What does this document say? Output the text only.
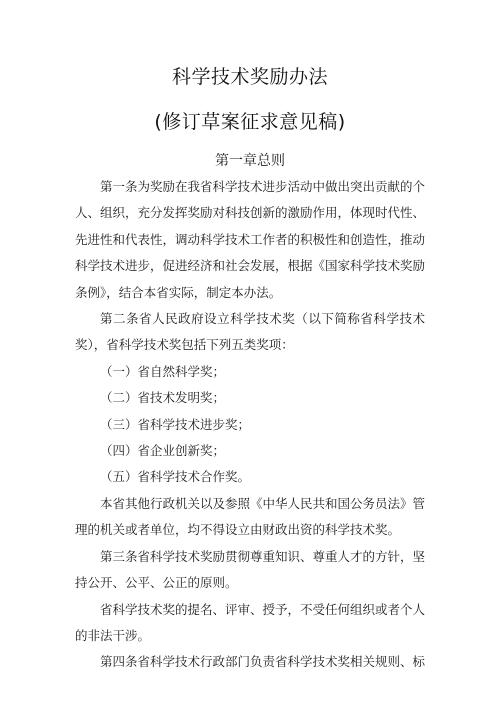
科学技术奖励办法
(修订草案征求意见稿)
第一章总则

第一条为奖励在我省科学技术进步活动中做出突出贡献的个人、组织，充分发挥奖励对科技创新的激励作用，体现时代性、先进性和代表性，调动科学技术工作者的积极性和创造性，推动科学技术进步，促进经济和社会发展，根据《国家科学技术奖励条例》，结合本省实际，制定本办法。

第二条省人民政府设立科学技术奖（以下简称省科学技术奖），省科学技术奖包括下列五类奖项：

（一）省自然科学奖；

（二）省技术发明奖；

（三）省科学技术进步奖；

（四）省企业创新奖；

（五）省科学技术合作奖。

本省其他行政机关以及参照《中华人民共和国公务员法》管理的机关或者单位，均不得设立由财政出资的科学技术奖。

第三条省科学技术奖励贯彻尊重知识、尊重人才的方针，坚持公开、公平、公正的原则。

省科学技术奖的提名、评审、授予，不受任何组织或者个人的非法干涉。

第四条省科学技术行政部门负责省科学技术奖相关规则、标
